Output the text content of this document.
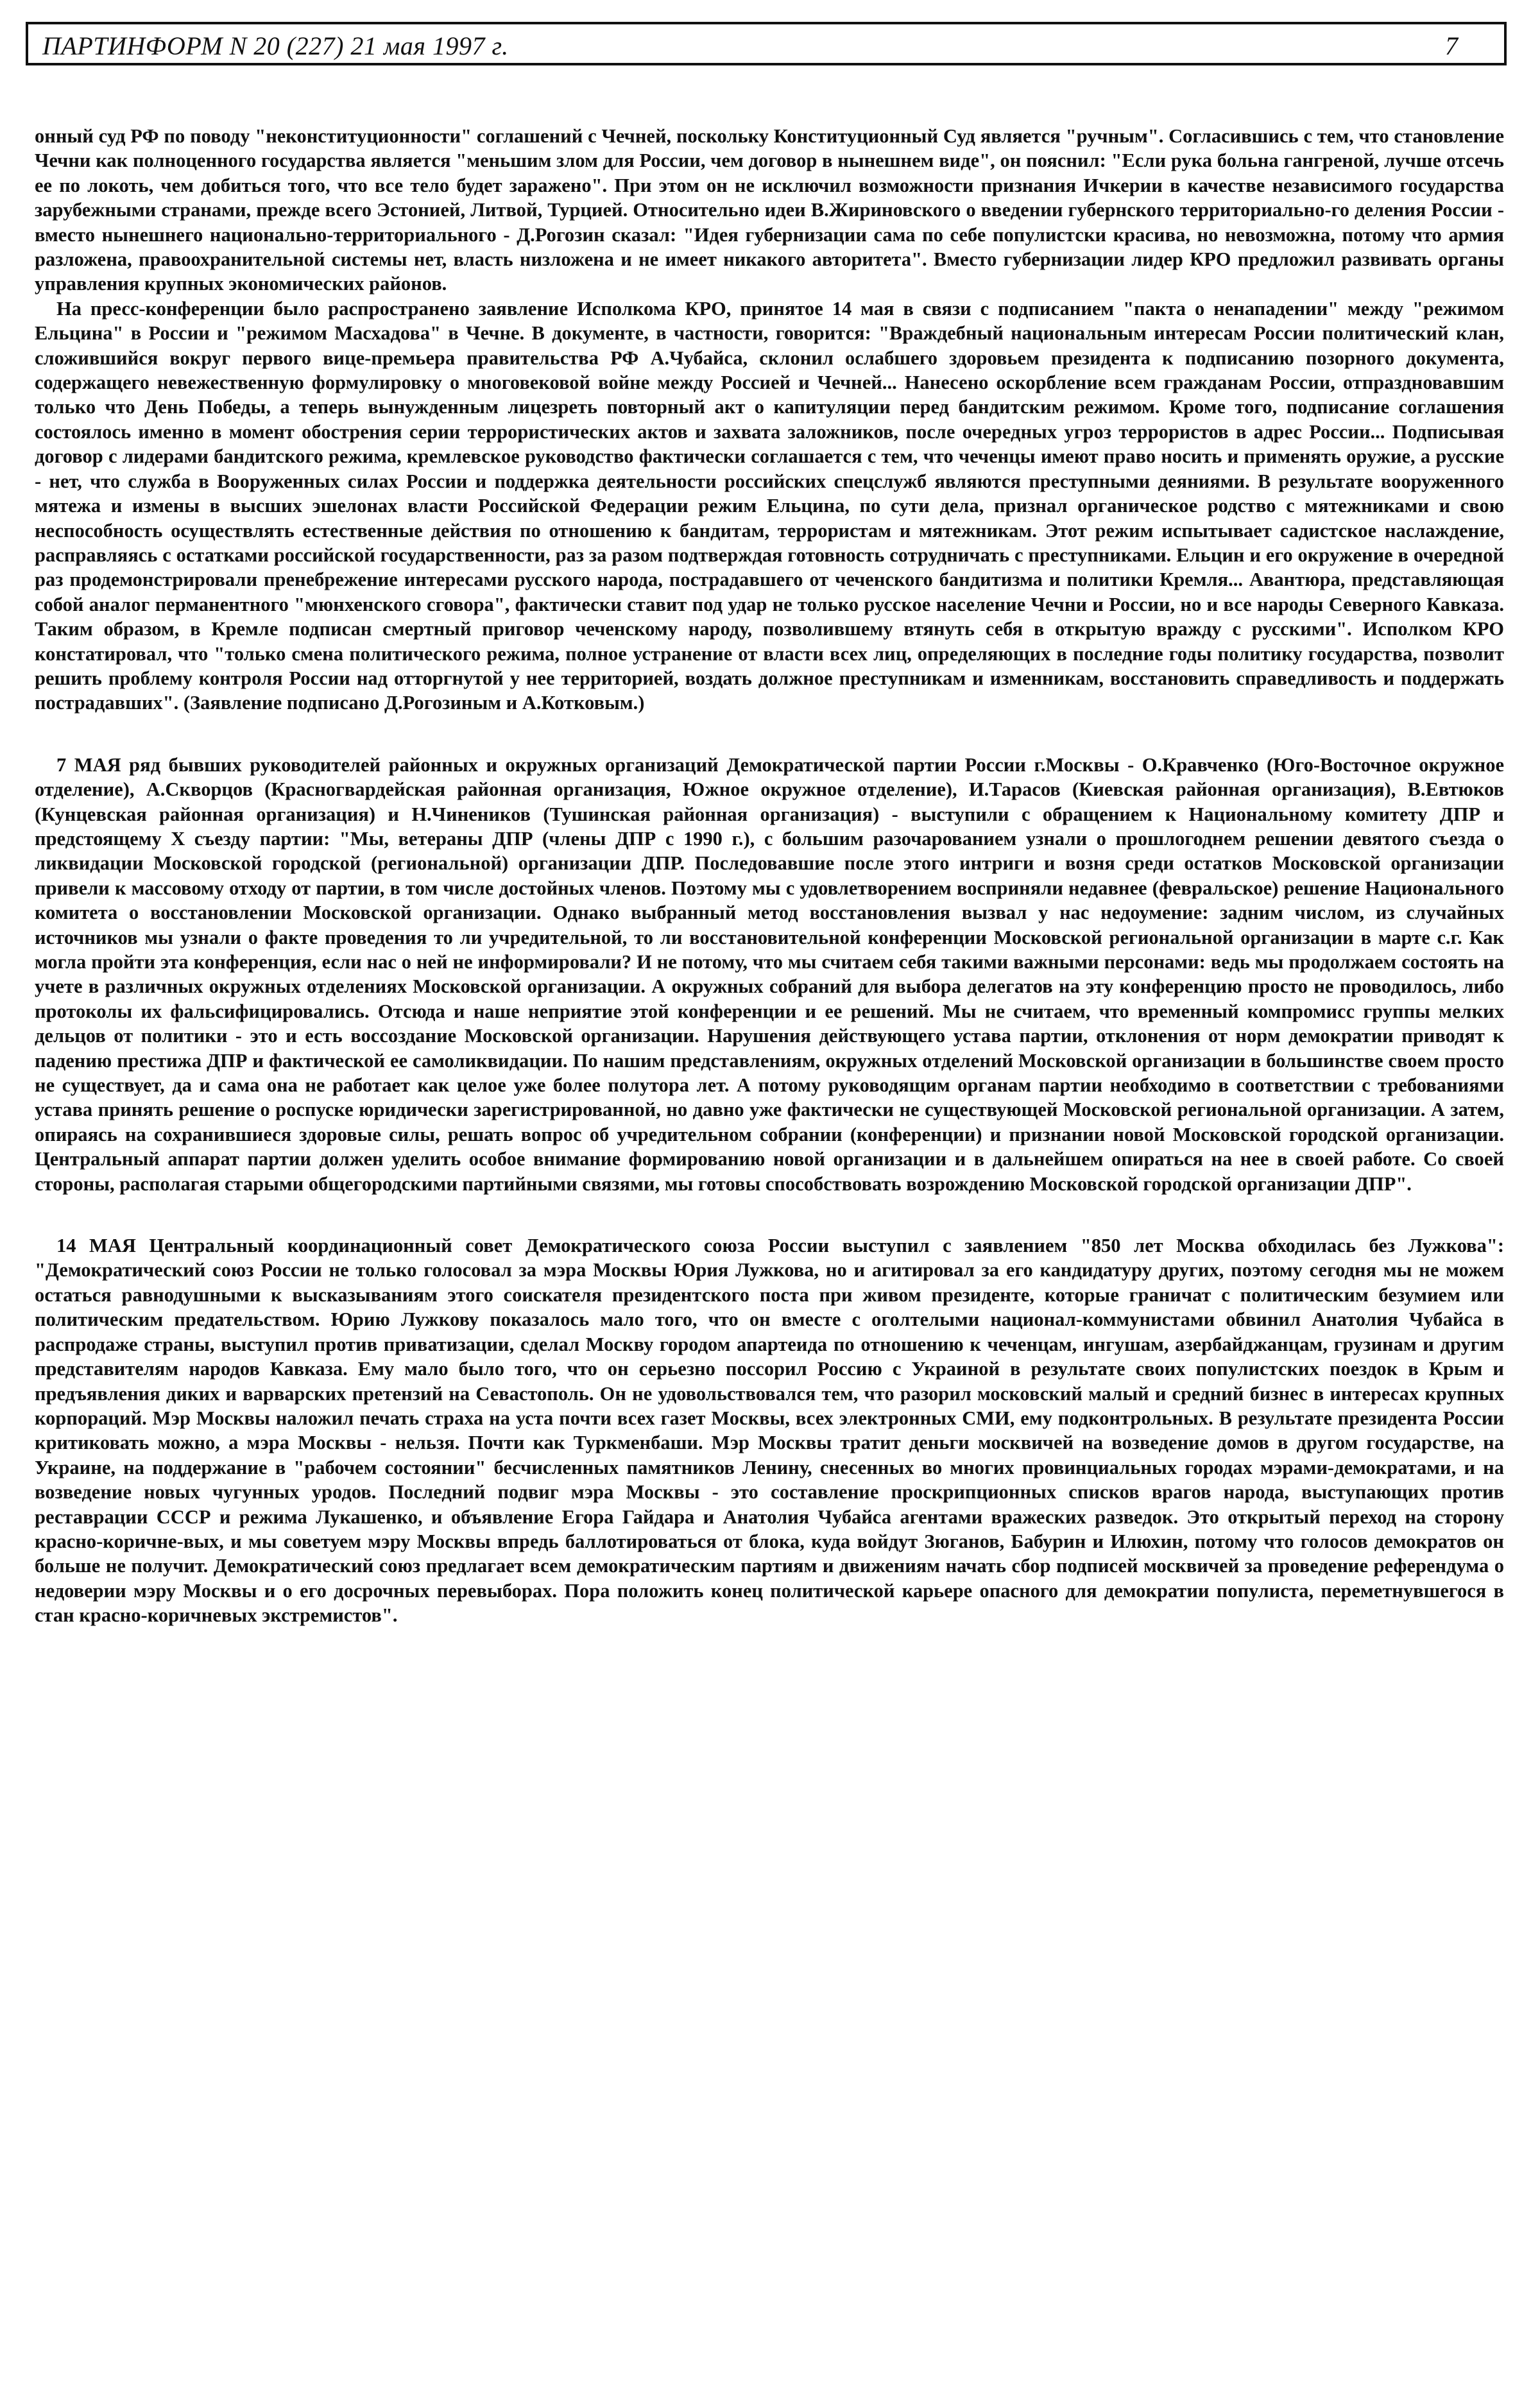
ПАРТИНФОРМ N 20 (227) 21 мая 1997 г.	7

онный суд РФ по поводу "неконституционности" соглашений с Чечней, поскольку Конституционный Суд является "ручным". Согласившись с тем, что становление Чечни как полноценного государства является "меньшим злом для России, чем договор в нынешнем виде", он пояснил: "Если рука больна гангреной, лучше отсечь ее по локоть, чем добиться того, что все тело будет заражено". При этом он не исключил возможности признания Ичкерии в качестве независимого государства зарубежными странами, прежде всего Эстонией, Литвой, Турцией. Относительно идеи В.Жириновского о введении губернского территориально-го деления России - вместо нынешнего национально-территориального - Д.Рогозин сказал: "Идея губернизации сама по себе популистски красива, но невозможна, потому что армия разложена, правоохранительной системы нет, власть низложена и не имеет никакого авторитета". Вместо губернизации лидер КРО предложил развивать органы управления крупных экономических районов.

На пресс-конференции было распространено заявление Исполкома КРО, принятое 14 мая в связи с подписанием "пакта о ненападении" между "режимом Ельцина" в России и "режимом Масхадова" в Чечне. В документе, в частности, говорится: "Враждебный национальным интересам России политический клан, сложившийся вокруг первого вице-премьера правительства РФ А.Чубайса, склонил ослабшего здоровьем президента к подписанию позорного документа, содержащего невежественную формулировку о многовековой войне между Россией и Чечней... Нанесено оскорбление всем гражданам России, отпраздновавшим только что День Победы, а теперь вынужденным лицезреть повторный акт о капитуляции перед бандитским режимом. Кроме того, подписание соглашения состоялось именно в момент обострения серии террористических актов и захвата заложников, после очередных угроз террористов в адрес России... Подписывая договор с лидерами бандитского режима, кремлевское руководство фактически соглашается с тем, что чеченцы имеют право носить и применять оружие, а русские - нет, что служба в Вооруженных силах России и поддержка деятельности российских спецслужб являются преступными деяниями. В результате вооруженного мятежа и измены в высших эшелонах власти Российской Федерации режим Ельцина, по сути дела, признал органическое родство с мятежниками и свою неспособность осуществлять естественные действия по отношению к бандитам, террористам и мятежникам. Этот режим испытывает садистское наслаждение, расправляясь с остатками российской государственности, раз за разом подтверждая готовность сотрудничать с преступниками. Ельцин и его окружение в очередной раз продемонстрировали пренебрежение интересами русского народа, пострадавшего от чеченского бандитизма и политики Кремля... Авантюра, представляющая собой аналог перманентного "мюнхенского сговора", фактически ставит под удар не только русское население Чечни и России, но и все народы Северного Кавказа. Таким образом, в Кремле подписан смертный приговор чеченскому народу, позволившему втянуть себя в открытую вражду с русскими". Исполком КРО констатировал, что "только смена политического режима, полное устранение от власти всех лиц, определяющих в последние годы политику государства, позволит решить проблему контроля России над отторгнутой у нее территорией, воздать должное преступникам и изменникам, восстановить справедливость и поддержать пострадавших". (Заявление подписано Д.Рогозиным и А.Котковым.)

7 МАЯ ряд бывших руководителей районных и окружных организаций Демократической партии России г.Москвы - О.Кравченко (Юго-Восточное окружное отделение), А.Скворцов (Красногвардейская районная организация, Южное окружное отделение), И.Тарасов (Киевская районная организация), В.Евтюков (Кунцевская районная организация) и Н.Чинеников (Тушинская районная организация) - выступили с обращением к Национальному комитету ДПР и предстоящему X съезду партии: "Мы, ветераны ДПР (члены ДПР с 1990 г.), с большим разочарованием узнали о прошлогоднем решении девятого съезда о ликвидации Московской городской (региональной) организации ДПР. Последовавшие после этого интриги и возня среди остатков Московской организации привели к массовому отходу от партии, в том числе достойных членов. Поэтому мы с удовлетворением восприняли недавнее (февральское) решение Национального комитета о восстановлении Московской организации. Однако выбранный метод восстановления вызвал у нас недоумение: задним числом, из случайных источников мы узнали о факте проведения то ли учредительной, то ли восстановительной конференции Московской региональной организации в марте с.г. Как могла пройти эта конференция, если нас о ней не информировали? И не потому, что мы считаем себя такими важными персонами: ведь мы продолжаем состоять на учете в различных окружных отделениях Московской организации. А окружных собраний для выбора делегатов на эту конференцию просто не проводилось, либо протоколы их фальсифицировались. Отсюда и наше неприятие этой конференции и ее решений. Мы не считаем, что временный компромисс группы мелких дельцов от политики - это и есть воссоздание Московской организации. Нарушения действующего устава партии, отклонения от норм демократии приводят к падению престижа ДПР и фактической ее самоликвидации. По нашим представлениям, окружных отделений Московской организации в большинстве своем просто не существует, да и сама она не работает как целое уже более полутора лет. А потому руководящим органам партии необходимо в соответствии с требованиями устава принять решение о роспуске юридически зарегистрированной, но давно уже фактически не существующей Московской региональной организации. А затем, опираясь на сохранившиеся здоровые силы, решать вопрос об учредительном собрании (конференции) и признании новой Московской городской организации. Центральный аппарат партии должен уделить особое внимание формированию новой организации и в дальнейшем опираться на нее в своей работе. Со своей стороны, располагая старыми общегородскими партийными связями, мы готовы способствовать возрождению Московской городской организации ДПР".

14 МАЯ Центральный координационный совет Демократического союза России выступил с заявлением "850 лет Москва обходилась без Лужкова": "Демократический союз России не только голосовал за мэра Москвы Юрия Лужкова, но и агитировал за его кандидатуру других, поэтому сегодня мы не можем остаться равнодушными к высказываниям этого соискателя президентского поста при живом президенте, которые граничат с политическим безумием или политическим предательством. Юрию Лужкову показалось мало того, что он вместе с оголтелыми национал-коммунистами обвинил Анатолия Чубайса в распродаже страны, выступил против приватизации, сделал Москву городом апартеида по отношению к чеченцам, ингушам, азербайджанцам, грузинам и другим представителям народов Кавказа. Ему мало было того, что он серьезно поссорил Россию с Украиной в результате своих популистских поездок в Крым и предъявления диких и варварских претензий на Севастополь. Он не удовольствовался тем, что разорил московский малый и средний бизнес в интересах крупных корпораций. Мэр Москвы наложил печать страха на уста почти всех газет Москвы, всех электронных СМИ, ему подконтрольных. В результате президента России критиковать можно, а мэра Москвы - нельзя. Почти как Туркменбаши. Мэр Москвы тратит деньги москвичей на возведение домов в другом государстве, на Украине, на поддержание в "рабочем состоянии" бесчисленных памятников Ленину, снесенных во многих провинциальных городах мэрами-демократами, и на возведение новых чугунных уродов. Последний подвиг мэра Москвы - это составление проскрипционных списков врагов народа, выступающих против реставрации СССР и режима Лукашенко, и объявление Егора Гайдара и Анатолия Чубайса агентами вражеских разведок. Это открытый переход на сторону красно-коричне-вых, и мы советуем мэру Москвы впредь баллотироваться от блока, куда войдут Зюганов, Бабурин и Илюхин, потому что голосов демократов он больше не получит. Демократический союз предлагает всем демократическим партиям и движениям начать сбор подписей москвичей за проведение референдума о недоверии мэру Москвы и о его досрочных перевыборах. Пора положить конец политической карьере опасного для демократии популиста, переметнувшегося в стан красно-коричневых экстремистов".
